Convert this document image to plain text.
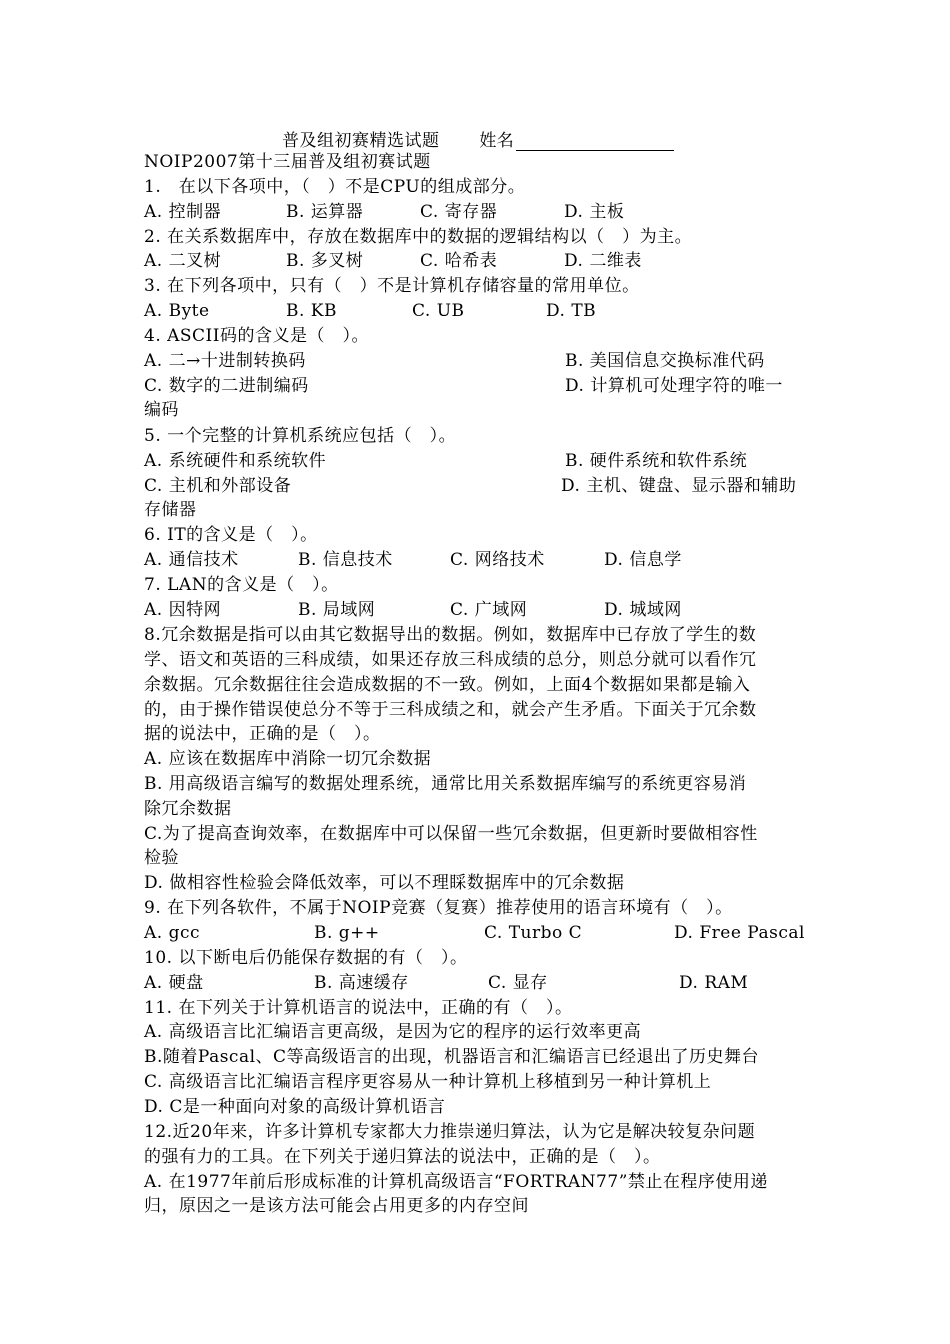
普及组初赛精选试题 姓名
NOIP2007第十三届普及组初赛试题
1.　在以下各项中，（　）不是CPU的组成部分。
A. 控制器	B. 运算器	C. 寄存器	D. 主板
2. 在关系数据库中，存放在数据库中的数据的逻辑结构以（　）为主。
A. 二叉树	B. 多叉树	C. 哈希表	D. 二维表
3. 在下列各项中，只有（　）不是计算机存储容量的常用单位。
A. Byte	B. KB	C. UB	D. TB
4. ASCII码的含义是（　）。
A. 二→十进制转换码	B. 美国信息交换标准代码
C. 数字的二进制编码	D. 计算机可处理字符的唯一
编码
5. 一个完整的计算机系统应包括（　）。
A. 系统硬件和系统软件	B. 硬件系统和软件系统
C. 主机和外部设备	D. 主机、键盘、显示器和辅助
存储器
6. IT的含义是（　）。
A. 通信技术	B. 信息技术	C. 网络技术	D. 信息学
7. LAN的含义是（　）。
A. 因特网	B. 局域网	C. 广域网	D. 城域网
8.冗余数据是指可以由其它数据导出的数据。例如，数据库中已存放了学生的数
学、语文和英语的三科成绩，如果还存放三科成绩的总分，则总分就可以看作冗
余数据。冗余数据往往会造成数据的不一致。例如，上面4个数据如果都是输入
的，由于操作错误使总分不等于三科成绩之和，就会产生矛盾。下面关于冗余数
据的说法中，正确的是（　）。
A. 应该在数据库中消除一切冗余数据
B. 用高级语言编写的数据处理系统，通常比用关系数据库编写的系统更容易消
除冗余数据
C.为了提高查询效率，在数据库中可以保留一些冗余数据，但更新时要做相容性
检验
D. 做相容性检验会降低效率，可以不理睬数据库中的冗余数据
9. 在下列各软件，不属于NOIP竞赛（复赛）推荐使用的语言环境有（　）。
A. gcc	B. g++	C. Turbo C	D. Free Pascal
10. 以下断电后仍能保存数据的有（　）。
A. 硬盘	B. 高速缓存	C. 显存	D. RAM
11. 在下列关于计算机语言的说法中，正确的有（　）。
A. 高级语言比汇编语言更高级，是因为它的程序的运行效率更高
B.随着Pascal、C等高级语言的出现，机器语言和汇编语言已经退出了历史舞台
C. 高级语言比汇编语言程序更容易从一种计算机上移植到另一种计算机上
D. C是一种面向对象的高级计算机语言
12.近20年来，许多计算机专家都大力推崇递归算法，认为它是解决较复杂问题
的强有力的工具。在下列关于递归算法的说法中，正确的是（　）。
A. 在1977年前后形成标准的计算机高级语言“FORTRAN77”禁止在程序使用递
归，原因之一是该方法可能会占用更多的内存空间
